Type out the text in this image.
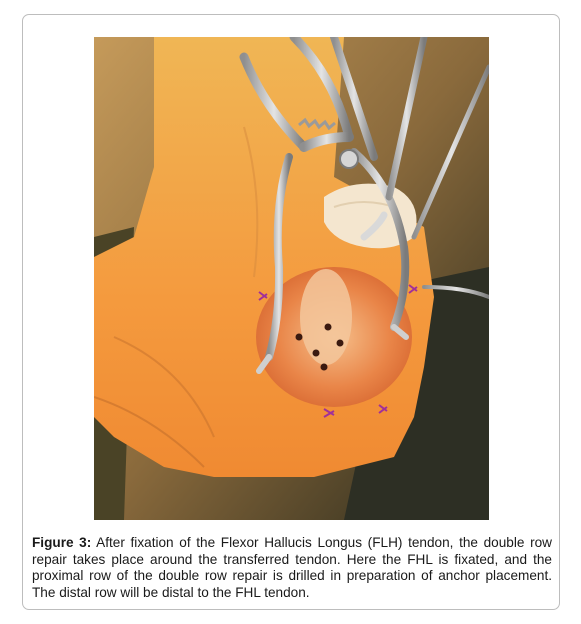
Figure 3: After fixation of the Flexor Hallucis Longus (FLH) tendon, the double row repair takes place around the transferred tendon. Here the FHL is fixated, and the proximal row of the double row repair is drilled in preparation of anchor placement. The distal row will be distal to the FHL tendon.
